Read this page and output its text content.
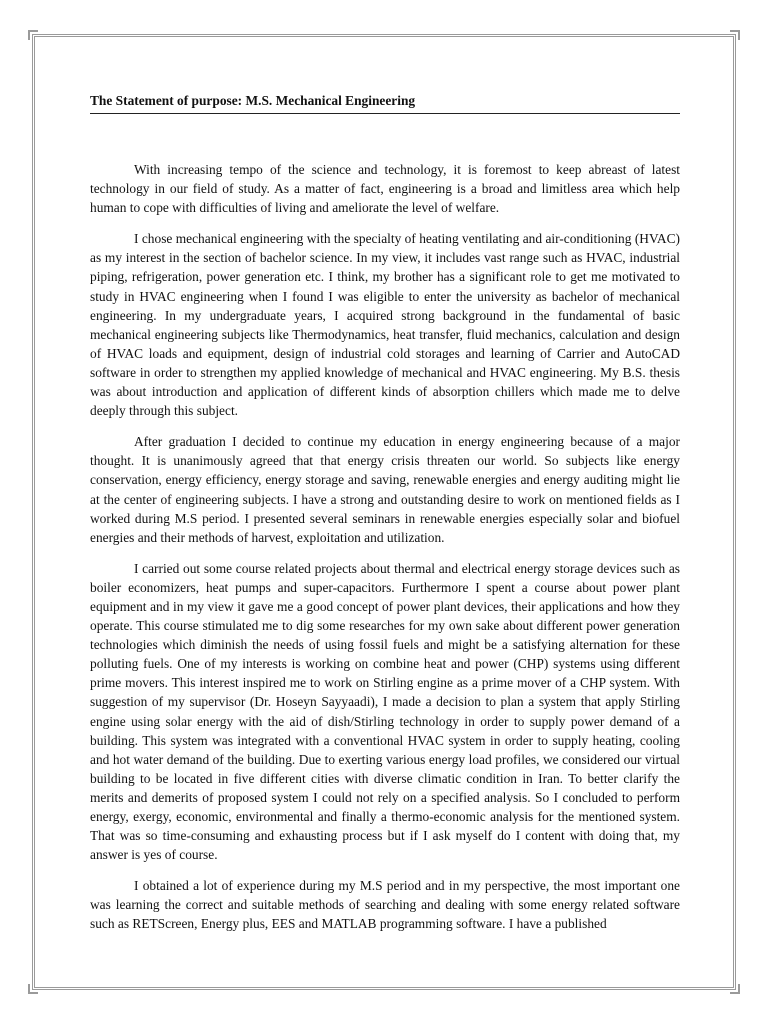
The Statement of purpose: M.S. Mechanical Engineering

With increasing tempo of the science and technology, it is foremost to keep abreast of latest technology in our field of study. As a matter of fact, engineering is a broad and limitless area which help human to cope with difficulties of living and ameliorate the level of welfare.

I chose mechanical engineering with the specialty of heating ventilating and air-conditioning (HVAC) as my interest in the section of bachelor science. In my view, it includes vast range such as HVAC, industrial piping, refrigeration, power generation etc. I think, my brother has a significant role to get me motivated to study in HVAC engineering when I found I was eligible to enter the university as bachelor of mechanical engineering. In my undergraduate years, I acquired strong background in the fundamental of basic mechanical engineering subjects like Thermodynamics, heat transfer, fluid mechanics, calculation and design of HVAC loads and equipment, design of industrial cold storages and learning of Carrier and AutoCAD software in order to strengthen my applied knowledge of mechanical and HVAC engineering. My B.S. thesis was about introduction and application of different kinds of absorption chillers which made me to delve deeply through this subject.

After graduation I decided to continue my education in energy engineering because of a major thought. It is unanimously agreed that that energy crisis threaten our world. So subjects like energy conservation, energy efficiency, energy storage and saving, renewable energies and energy auditing might lie at the center of engineering subjects. I have a strong and outstanding desire to work on mentioned fields as I worked during M.S period. I presented several seminars in renewable energies especially solar and biofuel energies and their methods of harvest, exploitation and utilization.

I carried out some course related projects about thermal and electrical energy storage devices such as boiler economizers, heat pumps and super-capacitors. Furthermore I spent a course about power plant equipment and in my view it gave me a good concept of power plant devices, their applications and how they operate. This course stimulated me to dig some researches for my own sake about different power generation technologies which diminish the needs of using fossil fuels and might be a satisfying alternation for these polluting fuels. One of my interests is working on combine heat and power (CHP) systems using different prime movers. This interest inspired me to work on Stirling engine as a prime mover of a CHP system. With suggestion of my supervisor (Dr. Hoseyn Sayyaadi), I made a decision to plan a system that apply Stirling engine using solar energy with the aid of dish/Stirling technology in order to supply power demand of a building. This system was integrated with a conventional HVAC system in order to supply heating, cooling and hot water demand of the building. Due to exerting various energy load profiles, we considered our virtual building to be located in five different cities with diverse climatic condition in Iran. To better clarify the merits and demerits of proposed system I could not rely on a specified analysis. So I concluded to perform energy, exergy, economic, environmental and finally a thermo-economic analysis for the mentioned system. That was so time-consuming and exhausting process but if I ask myself do I content with doing that, my answer is yes of course.

I obtained a lot of experience during my M.S period and in my perspective, the most important one was learning the correct and suitable methods of searching and dealing with some energy related software such as RETScreen, Energy plus, EES and MATLAB programming software. I have a published
